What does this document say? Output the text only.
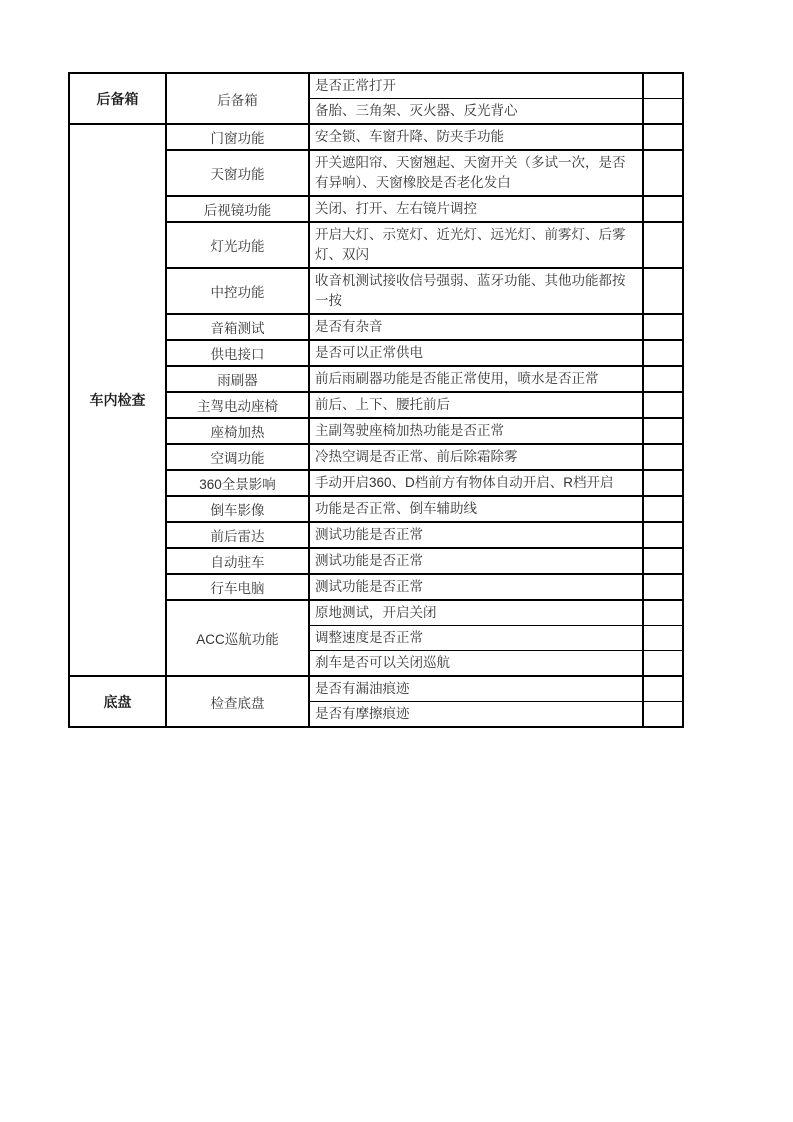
后备箱	后备箱	是否正常打开	
		备胎、三角架、灭火器、反光背心	
车内检查	门窗功能	安全锁、车窗升降、防夹手功能	
	天窗功能	开关遮阳帘、天窗翘起、天窗开关（多试一次，是否有异响）、天窗橡胶是否老化发白	
	后视镜功能	关闭、打开、左右镜片调控	
	灯光功能	开启大灯、示宽灯、近光灯、远光灯、前雾灯、后雾灯、双闪	
	中控功能	收音机测试接收信号强弱、蓝牙功能、其他功能都按一按	
	音箱测试	是否有杂音	
	供电接口	是否可以正常供电	
	雨刷器	前后雨刷器功能是否能正常使用，喷水是否正常	
	主驾电动座椅	前后、上下、腰托前后	
	座椅加热	主副驾驶座椅加热功能是否正常	
	空调功能	冷热空调是否正常、前后除霜除雾	
	360全景影响	手动开启360、D档前方有物体自动开启、R档开启	
	倒车影像	功能是否正常、倒车辅助线	
	前后雷达	测试功能是否正常	
	自动驻车	测试功能是否正常	
	行车电脑	测试功能是否正常	
	ACC巡航功能	原地测试，开启关闭	
		调整速度是否正常	
		刹车是否可以关闭巡航	
底盘	检查底盘	是否有漏油痕迹	
		是否有摩擦痕迹	
